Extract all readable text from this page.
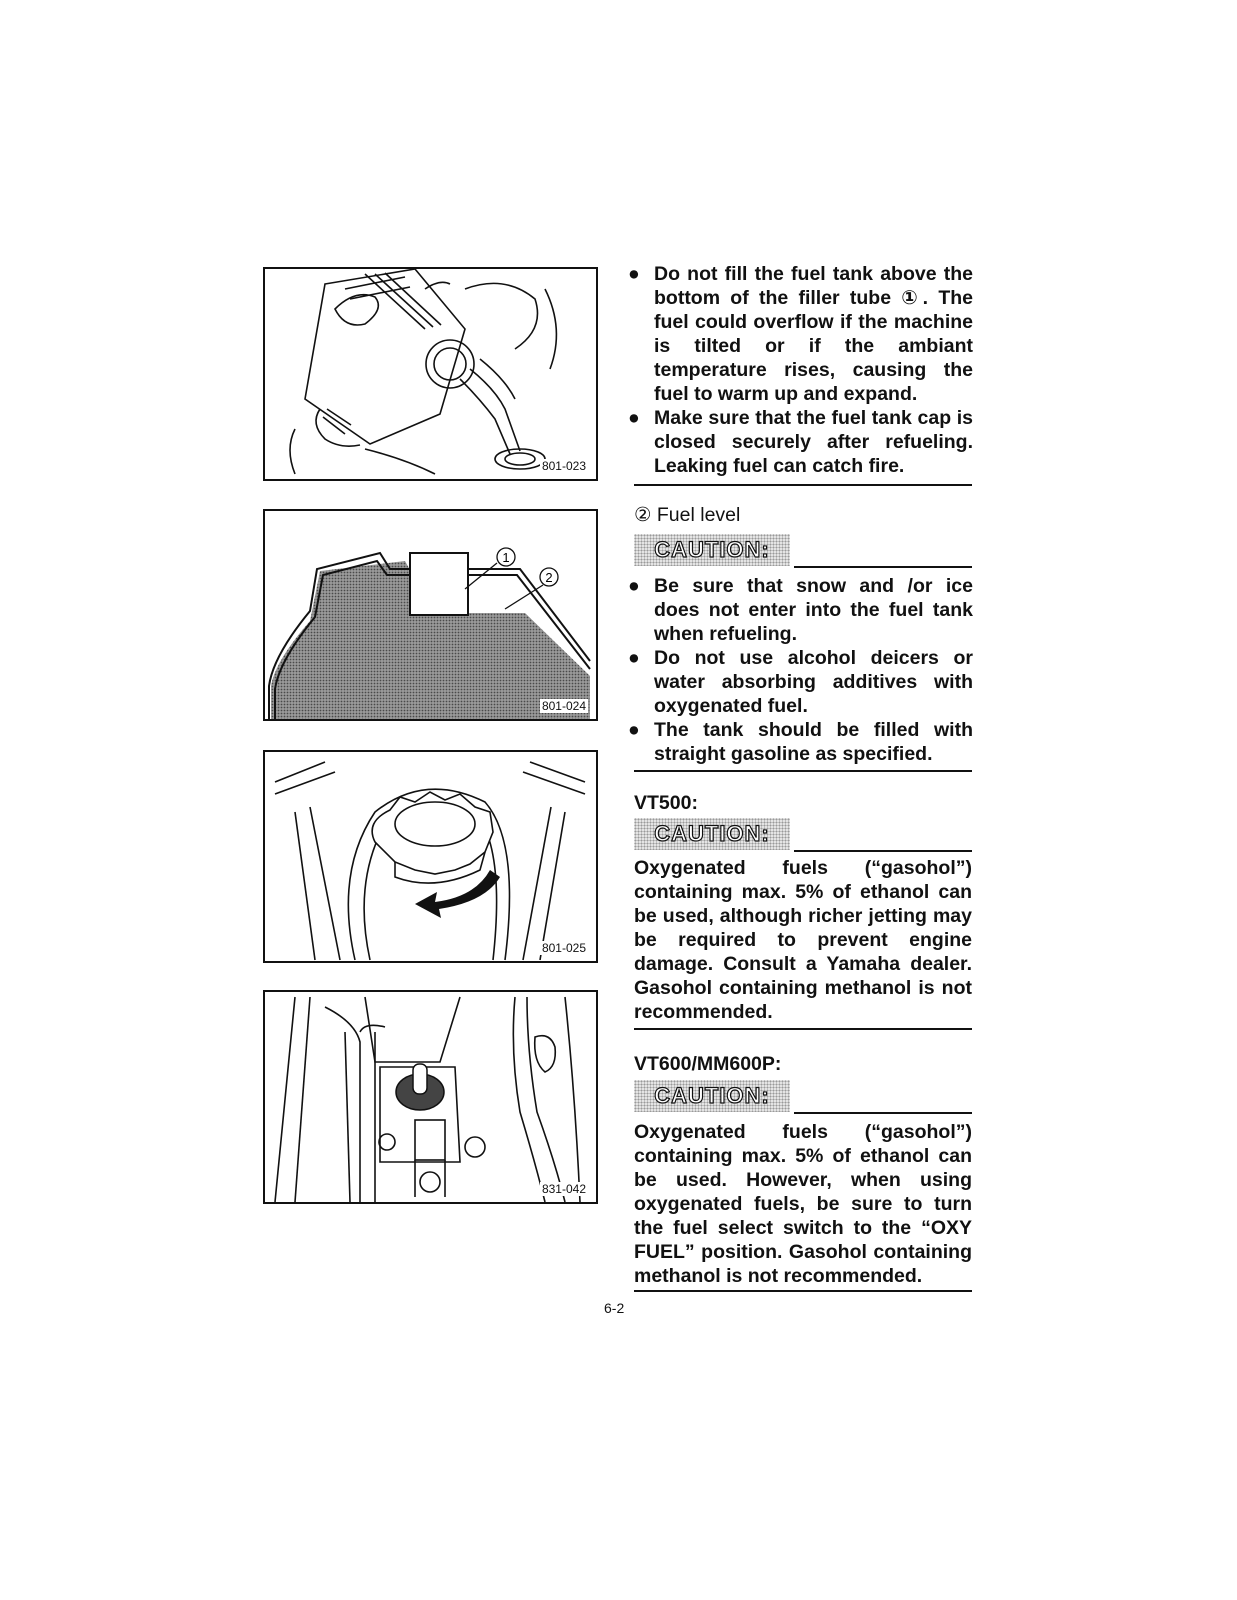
801-023
1
2
801-024
801-025
831-042
● Do not fill the fuel tank above the bottom of the filler tube ①. The fuel could overflow if the machine is tilted or if the ambiant temperature rises, causing the fuel to warm up and expand.
● Make sure that the fuel tank cap is closed securely after refueling. Leaking fuel can catch fire.
② Fuel level
CAUTION:
● Be sure that snow and /or ice does not enter into the fuel tank when refueling.
● Do not use alcohol deicers or water absorbing additives with oxygenated fuel.
● The tank should be filled with straight gasoline as specified.
VT500:
CAUTION:
Oxygenated fuels (“gasohol”) containing max. 5% of ethanol can be used, although richer jetting may be required to prevent engine damage. Consult a Yamaha dealer. Gasohol containing methanol is not recommended.
VT600/MM600P:
CAUTION:
Oxygenated fuels (“gasohol”) containing max. 5% of ethanol can be used. However, when using oxygenated fuels, be sure to turn the fuel select switch to the “OXY FUEL” position. Gasohol containing methanol is not recommended.
6-2
